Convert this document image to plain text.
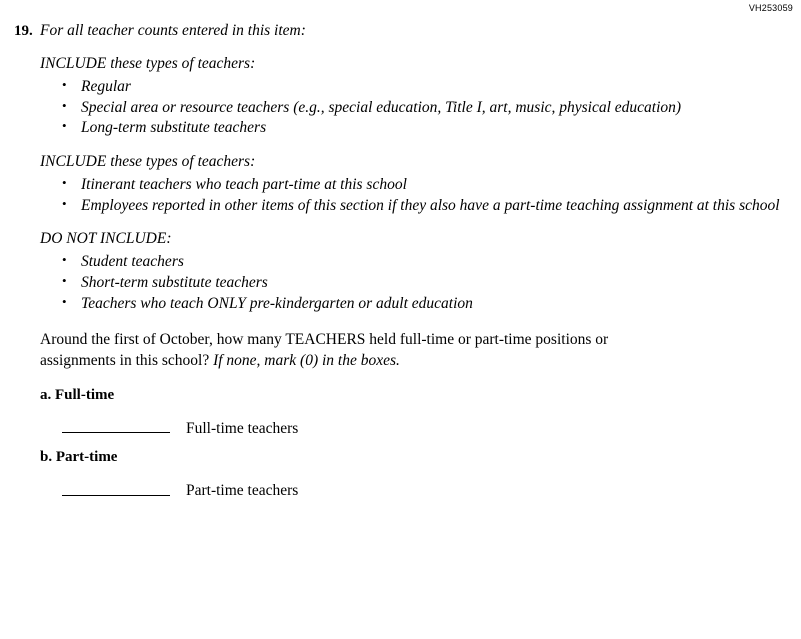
VH253059
19. For all teacher counts entered in this item:
INCLUDE these types of teachers:
• Regular
• Special area or resource teachers (e.g., special education, Title I, art, music, physical education)
• Long-term substitute teachers
INCLUDE these types of teachers:
• Itinerant teachers who teach part-time at this school
• Employees reported in other items of this section if they also have a part-time teaching assignment at this school
DO NOT INCLUDE:
• Student teachers
• Short-term substitute teachers
• Teachers who teach ONLY pre-kindergarten or adult education
Around the first of October, how many TEACHERS held full-time or part-time positions or assignments in this school? If none, mark (0) in the boxes.
a. Full-time
Full-time teachers
b. Part-time
Part-time teachers
